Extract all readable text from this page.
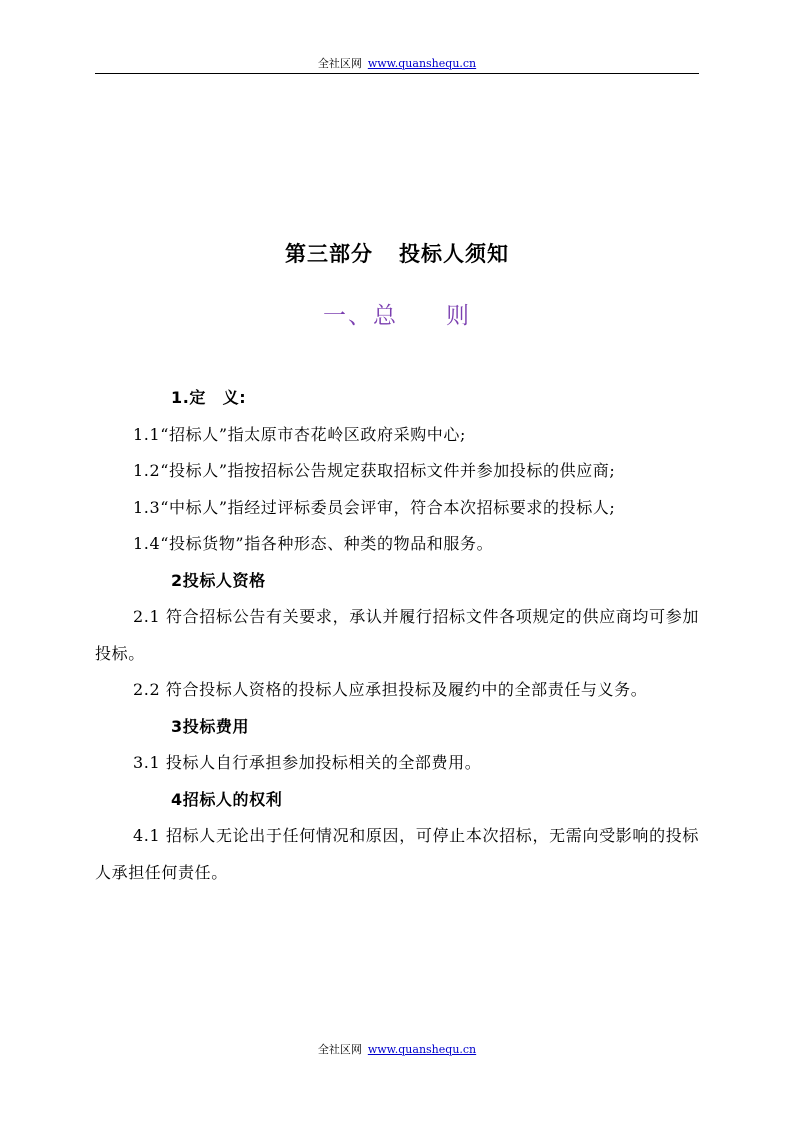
全社区网 www.quanshequ.cn
第三部分 投标人须知
一、总 则

1.定　义:

1.1“招标人”指太原市杏花岭区政府采购中心;

1.2“投标人”指按招标公告规定获取招标文件并参加投标的供应商;

1.3“中标人”指经过评标委员会评审，符合本次招标要求的投标人;

1.4“投标货物”指各种形态、种类的物品和服务。

2投标人资格

2.1 符合招标公告有关要求，承认并履行招标文件各项规定的供应商均可参加投标。

2.2 符合投标人资格的投标人应承担投标及履约中的全部责任与义务。

3投标费用

3.1 投标人自行承担参加投标相关的全部费用。

4招标人的权利

4.1 招标人无论出于任何情况和原因，可停止本次招标，无需向受影响的投标人承担任何责任。

全社区网 www.quanshequ.cn
